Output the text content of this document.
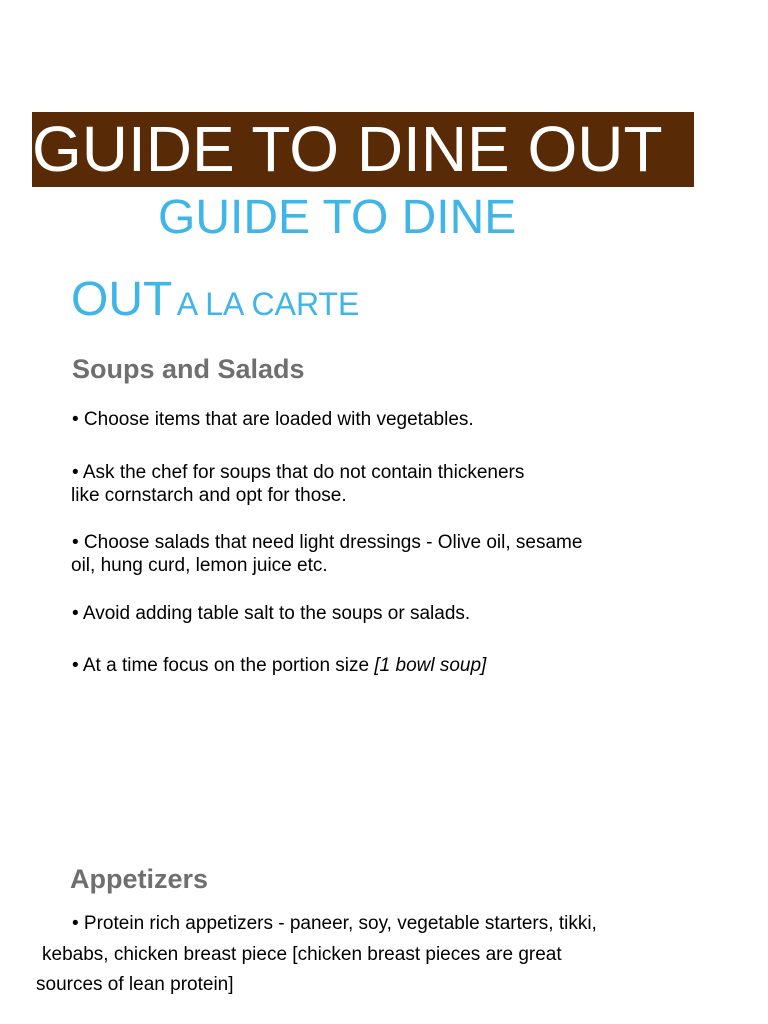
GUIDE TO DINE OUT
GUIDE TO DINE
OUT A LA CARTE
Soups and Salads
• Choose items that are loaded with vegetables.
• Ask the chef for soups that do not contain thickeners
like cornstarch and opt for those.
• Choose salads that need light dressings - Olive oil, sesame
oil, hung curd, lemon juice etc.
• Avoid adding table salt to the soups or salads.
• At a time focus on the portion size [1 bowl soup]
Appetizers
• Protein rich appetizers - paneer, soy, vegetable starters, tikki,
kebabs, chicken breast piece [chicken breast pieces are great
sources of lean protein]
